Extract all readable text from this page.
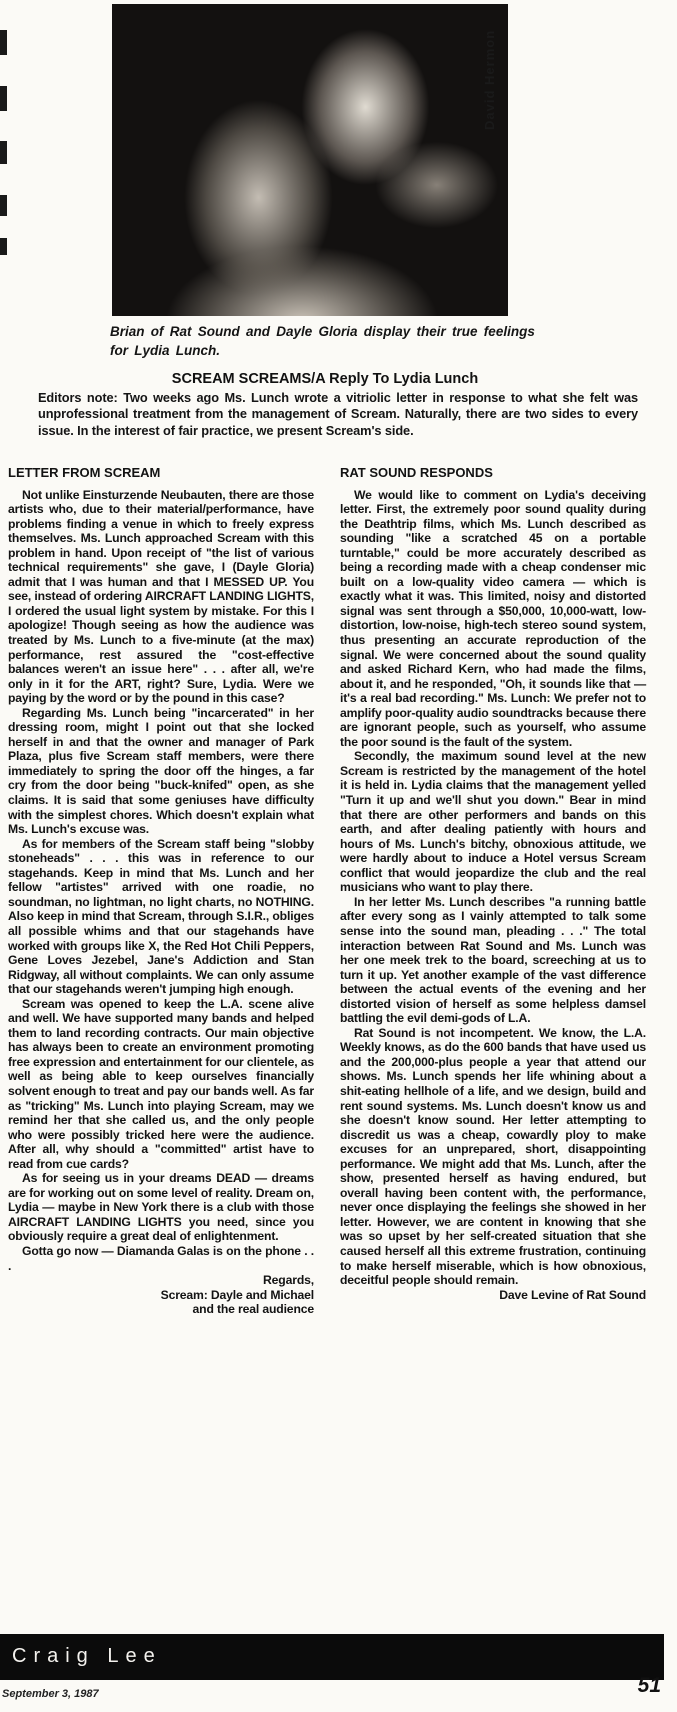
David Hermon
Brian of Rat Sound and Dayle Gloria display their true feelings for Lydia Lunch.
SCREAM SCREAMS/A Reply To Lydia Lunch
Editors note: Two weeks ago Ms. Lunch wrote a vitriolic letter in response to what she felt was unprofessional treatment from the management of Scream. Naturally, there are two sides to every issue. In the interest of fair practice, we present Scream's side.
LETTER FROM SCREAM

Not unlike Einsturzende Neubauten, there are those artists who, due to their material/performance, have problems finding a venue in which to freely express themselves. Ms. Lunch approached Scream with this problem in hand. Upon receipt of "the list of various technical requirements" she gave, I (Dayle Gloria) admit that I was human and that I MESSED UP. You see, instead of ordering AIRCRAFT LANDING LIGHTS, I ordered the usual light system by mistake. For this I apologize! Though seeing as how the audience was treated by Ms. Lunch to a five-minute (at the max) performance, rest assured the "cost-effective balances weren't an issue here" . . . after all, we're only in it for the ART, right? Sure, Lydia. Were we paying by the word or by the pound in this case?

Regarding Ms. Lunch being "incarcerated" in her dressing room, might I point out that she locked herself in and that the owner and manager of Park Plaza, plus five Scream staff members, were there immediately to spring the door off the hinges, a far cry from the door being "buck-knifed" open, as she claims. It is said that some geniuses have difficulty with the simplest chores. Which doesn't explain what Ms. Lunch's excuse was.

As for members of the Scream staff being "slobby stoneheads" . . . this was in reference to our stagehands. Keep in mind that Ms. Lunch and her fellow "artistes" arrived with one roadie, no soundman, no lightman, no light charts, no NOTHING. Also keep in mind that Scream, through S.I.R., obliges all possible whims and that our stagehands have worked with groups like X, the Red Hot Chili Peppers, Gene Loves Jezebel, Jane's Addiction and Stan Ridgway, all without complaints. We can only assume that our stagehands weren't jumping high enough.

Scream was opened to keep the L.A. scene alive and well. We have supported many bands and helped them to land recording contracts. Our main objective has always been to create an environment promoting free expression and entertainment for our clientele, as well as being able to keep ourselves financially solvent enough to treat and pay our bands well. As far as "tricking" Ms. Lunch into playing Scream, may we remind her that she called us, and the only people who were possibly tricked here were the audience. After all, why should a "committed" artist have to read from cue cards?

As for seeing us in your dreams DEAD — dreams are for working out on some level of reality. Dream on, Lydia — maybe in New York there is a club with those AIRCRAFT LANDING LIGHTS you need, since you obviously require a great deal of enlightenment.

Gotta go now — Diamanda Galas is on the phone . . .

Regards,

Scream: Dayle and Michael

and the real audience

RAT SOUND RESPONDS

We would like to comment on Lydia's deceiving letter. First, the extremely poor sound quality during the Deathtrip films, which Ms. Lunch described as sounding "like a scratched 45 on a portable turntable," could be more accurately described as being a recording made with a cheap condenser mic built on a low-quality video camera — which is exactly what it was. This limited, noisy and distorted signal was sent through a $50,000, 10,000-watt, low-distortion, low-noise, high-tech stereo sound system, thus presenting an accurate reproduction of the signal. We were concerned about the sound quality and asked Richard Kern, who had made the films, about it, and he responded, "Oh, it sounds like that — it's a real bad recording." Ms. Lunch: We prefer not to amplify poor-quality audio soundtracks because there are ignorant people, such as yourself, who assume the poor sound is the fault of the system.

Secondly, the maximum sound level at the new Scream is restricted by the management of the hotel it is held in. Lydia claims that the management yelled "Turn it up and we'll shut you down." Bear in mind that there are other performers and bands on this earth, and after dealing patiently with hours and hours of Ms. Lunch's bitchy, obnoxious attitude, we were hardly about to induce a Hotel versus Scream conflict that would jeopardize the club and the real musicians who want to play there.

In her letter Ms. Lunch describes "a running battle after every song as I vainly attempted to talk some sense into the sound man, pleading . . ." The total interaction between Rat Sound and Ms. Lunch was her one meek trek to the board, screeching at us to turn it up. Yet another example of the vast difference between the actual events of the evening and her distorted vision of herself as some helpless damsel battling the evil demi-gods of L.A.

Rat Sound is not incompetent. We know, the L.A. Weekly knows, as do the 600 bands that have used us and the 200,000-plus people a year that attend our shows. Ms. Lunch spends her life whining about a shit-eating hellhole of a life, and we design, build and rent sound systems. Ms. Lunch doesn't know us and she doesn't know sound. Her letter attempting to discredit us was a cheap, cowardly ploy to make excuses for an unprepared, short, disappointing performance. We might add that Ms. Lunch, after the show, presented herself as having endured, but overall having been content with, the performance, never once displaying the feelings she showed in her letter. However, we are content in knowing that she was so upset by her self-created situation that she caused herself all this extreme frustration, continuing to make herself miserable, which is how obnoxious, deceitful people should remain.

Dave Levine of Rat Sound

Craig Lee
September 3, 1987	51
